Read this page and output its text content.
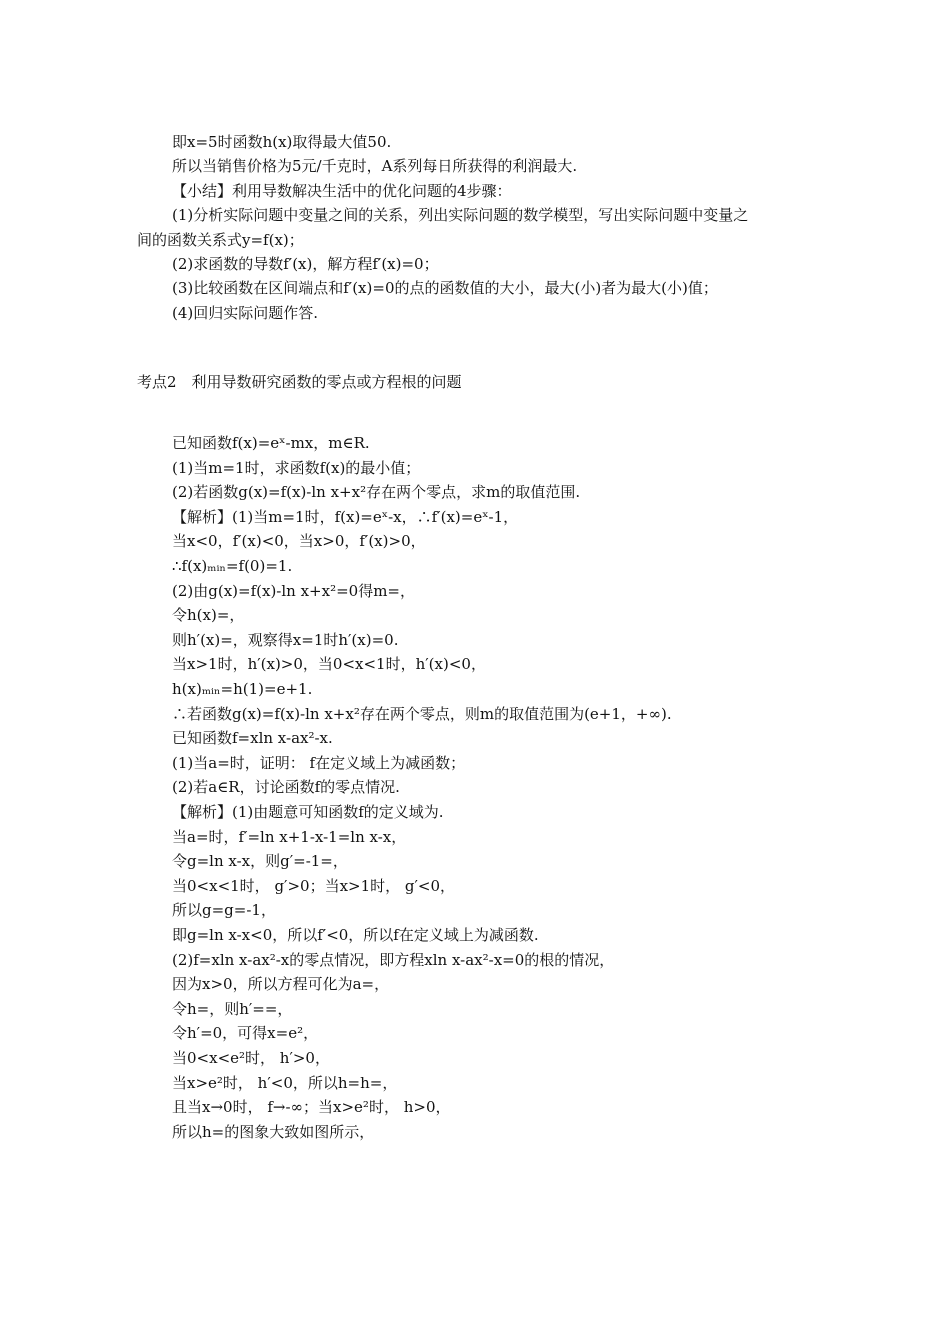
即x=5时函数h(x)取得最大值50.
所以当销售价格为5元/千克时，A系列每日所获得的利润最大.
【小结】利用导数解决生活中的优化问题的4步骤：
(1)分析实际问题中变量之间的关系，列出实际问题的数学模型，写出实际问题中变量之
间的函数关系式y=f(x)；
(2)求函数的导数f′(x)，解方程f′(x)=0；
(3)比较函数在区间端点和f′(x)=0的点的函数值的大小，最大(小)者为最大(小)值；
(4)回归实际问题作答.
考点2　利用导数研究函数的零点或方程根的问题
已知函数f(x)=eˣ-mx，m∈R.
(1)当m=1时，求函数f(x)的最小值；
(2)若函数g(x)=f(x)-ln x+x²存在两个零点，求m的取值范围.
【解析】(1)当m=1时，f(x)=eˣ-x，∴f′(x)=eˣ-1，
当x<0，f′(x)<0，当x>0，f′(x)>0，
∴f(x)ₘᵢₙ=f(0)=1.
(2)由g(x)=f(x)-ln x+x²=0得m=，
令h(x)=，
则h′(x)=，观察得x=1时h′(x)=0.
当x>1时，h′(x)>0，当0<x<1时，h′(x)<0，
h(x)ₘᵢₙ=h(1)=e+1.
∴若函数g(x)=f(x)-ln x+x²存在两个零点，则m的取值范围为(e+1，+∞).
已知函数f=xln x-ax²-x.
(1)当a=时，证明： f在定义域上为减函数；
(2)若a∈R，讨论函数f的零点情况.
【解析】(1)由题意可知函数f的定义域为.
当a=时，f′=ln x+1-x-1=ln x-x，
令g=ln x-x，则g′=-1=，
当0<x<1时， g′>0；当x>1时， g′<0，
所以g=g=-1，
即g=ln x-x<0，所以f′<0，所以f在定义域上为减函数.
(2)f=xln x-ax²-x的零点情况，即方程xln x-ax²-x=0的根的情况，
因为x>0，所以方程可化为a=，
令h=，则h′==，
令h′=0，可得x=e²，
当0<x<e²时， h′>0，
当x>e²时， h′<0，所以h=h=，
且当x→0时， f→-∞；当x>e²时， h>0，
所以h=的图象大致如图所示，
